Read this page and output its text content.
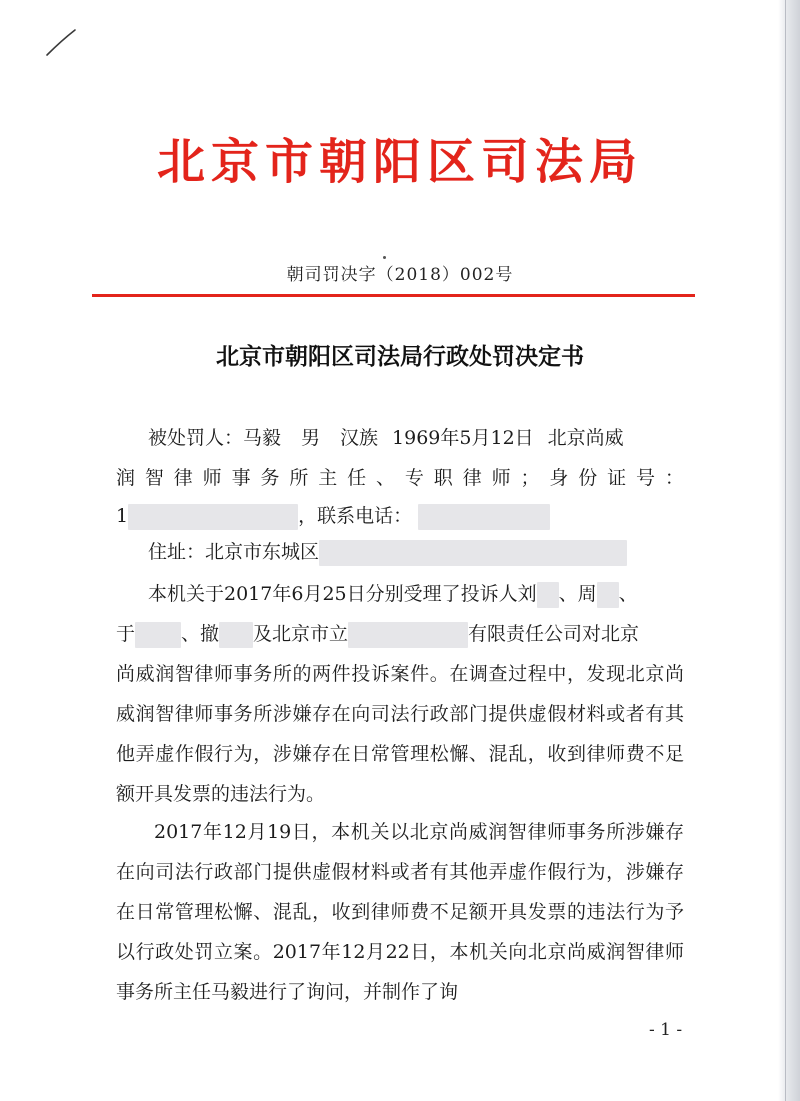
北京市朝阳区司法局
朝司罚决字（2018）002号
北京市朝阳区司法局行政处罚决定书
被处罚人：马毅 男 汉族 1969年5月12日 北京尚威
润 智 律 师 事 务 所 主 任 、 专 职 律 师 ； 身 份 证 号 ：
1	，联系电话：
住址：北京市东城区
本机关于2017年6月25日分别受理了投诉人刘 、周 、
于 、撤 及北京市立	有限责任公司对北京

尚威润智律师事务所的两件投诉案件。在调查过程中，发现北京尚威润智律师事务所涉嫌存在向司法行政部门提供虚假材料或者有其他弄虚作假行为，涉嫌存在日常管理松懈、混乱，收到律师费不足额开具发票的违法行为。

2017年12月19日，本机关以北京尚威润智律师事务所涉嫌存在向司法行政部门提供虚假材料或者有其他弄虚作假行为，涉嫌存在日常管理松懈、混乱，收到律师费不足额开具发票的违法行为予以行政处罚立案。2017年12月22日，本机关向北京尚威润智律师事务所主任马毅进行了询问，并制作了询

- 1 -
